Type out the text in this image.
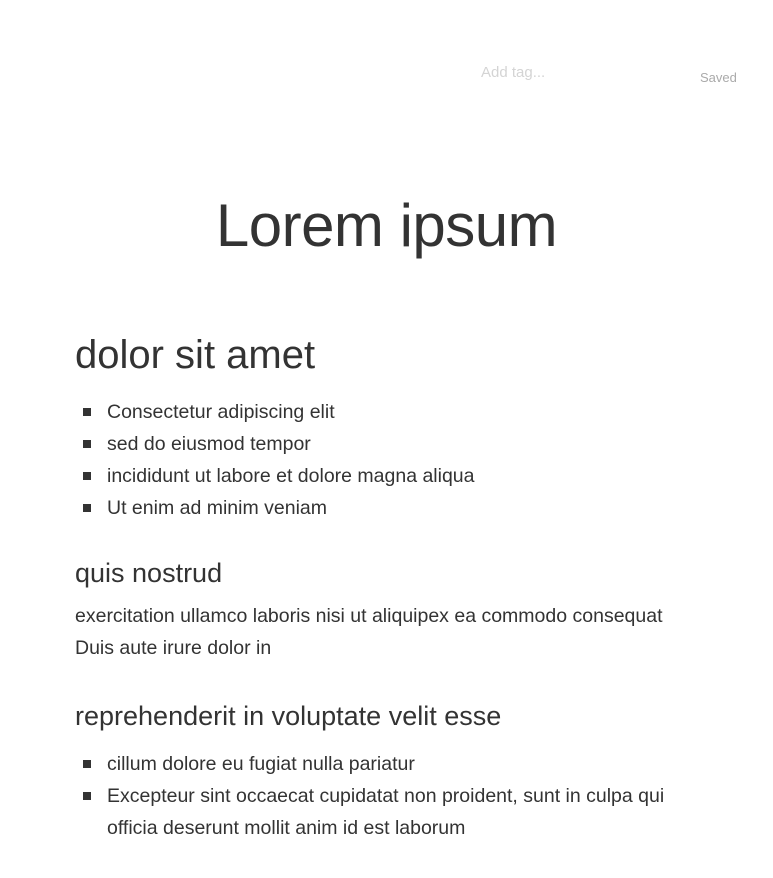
Add tag...
Saved
Lorem ipsum
dolor sit amet
Consectetur adipiscing elit
sed do eiusmod tempor
incididunt ut labore et dolore magna aliqua
Ut enim ad minim veniam
quis nostrud

exercitation ullamco laboris nisi ut aliquipex ea commodo consequat Duis aute irure dolor in

reprehenderit in voluptate velit esse
cillum dolore eu fugiat nulla pariatur
Excepteur sint occaecat cupidatat non proident, sunt in culpa qui officia deserunt mollit anim id est laborum
